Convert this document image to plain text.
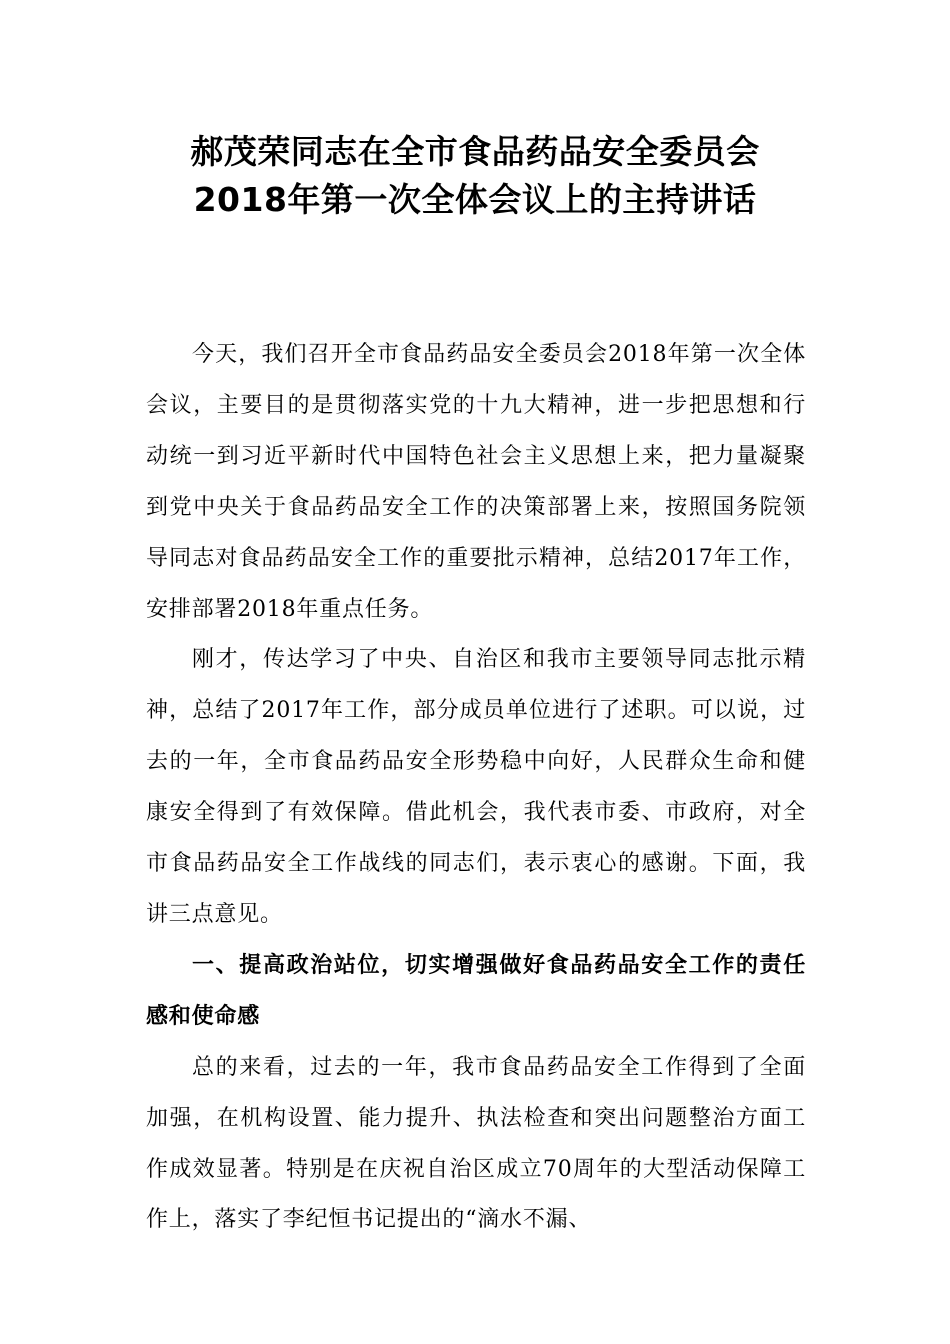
郝茂荣同志在全市食品药品安全委员会
2018年第一次全体会议上的主持讲话

今天，我们召开全市食品药品安全委员会2018年第一次全体会议，主要目的是贯彻落实党的十九大精神，进一步把思想和行动统一到习近平新时代中国特色社会主义思想上来，把力量凝聚到党中央关于食品药品安全工作的决策部署上来，按照国务院领导同志对食品药品安全工作的重要批示精神，总结2017年工作，安排部署2018年重点任务。

刚才，传达学习了中央、自治区和我市主要领导同志批示精神，总结了2017年工作，部分成员单位进行了述职。可以说，过去的一年，全市食品药品安全形势稳中向好，人民群众生命和健康安全得到了有效保障。借此机会，我代表市委、市政府，对全市食品药品安全工作战线的同志们，表示衷心的感谢。下面，我讲三点意见。

一、提高政治站位，切实增强做好食品药品安全工作的责任感和使命感

总的来看，过去的一年，我市食品药品安全工作得到了全面加强，在机构设置、能力提升、执法检查和突出问题整治方面工作成效显著。特别是在庆祝自治区成立70周年的大型活动保障工作上，落实了李纪恒书记提出的“滴水不漏、
